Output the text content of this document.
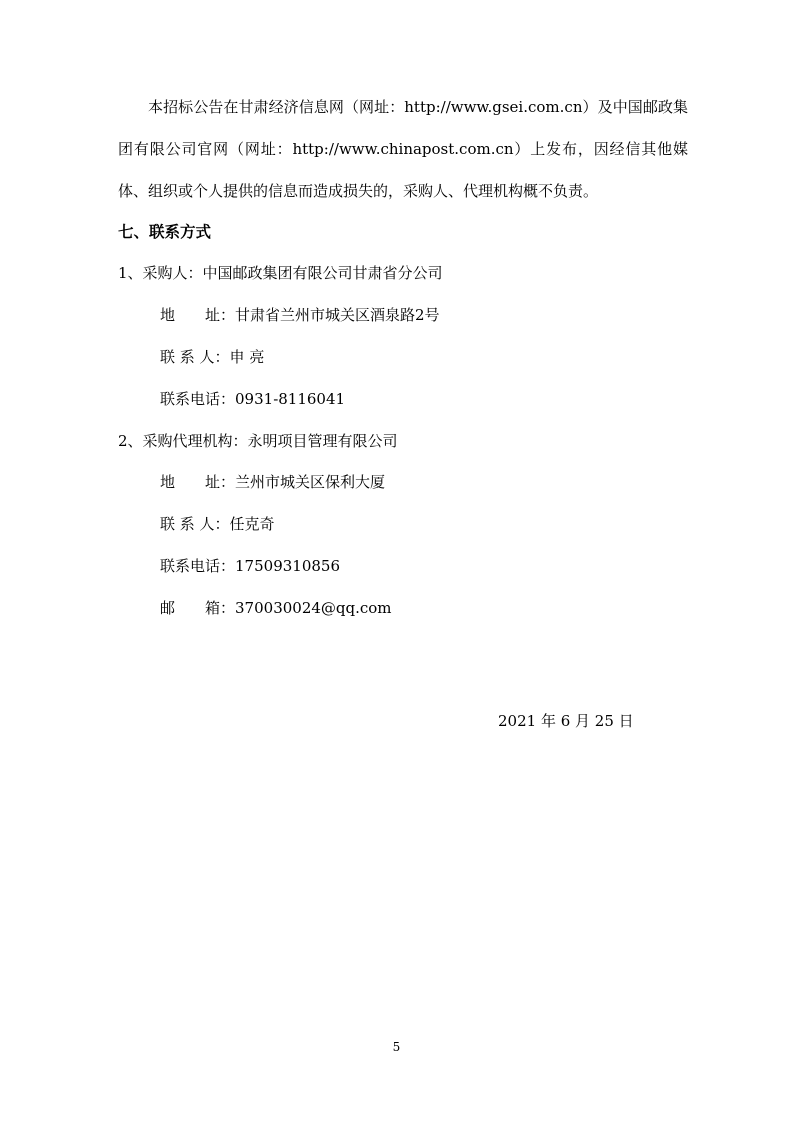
本招标公告在甘肃经济信息网（网址：http://www.gsei.com.cn）及中国邮政集团有限公司官网（网址：http://www.chinapost.com.cn）上发布，因经信其他媒体、组织或个人提供的信息而造成损失的，采购人、代理机构概不负责。

七、联系方式
1、采购人：中国邮政集团有限公司甘肃省分公司
地　　址：甘肃省兰州市城关区酒泉路2号
联 系 人：申 亮
联系电话：0931-8116041
2、采购代理机构：永明项目管理有限公司
地　　址：兰州市城关区保利大厦
联 系 人：任克奇
联系电话：17509310856
邮　　箱：370030024@qq.com
2021 年 6 月 25 日
5
